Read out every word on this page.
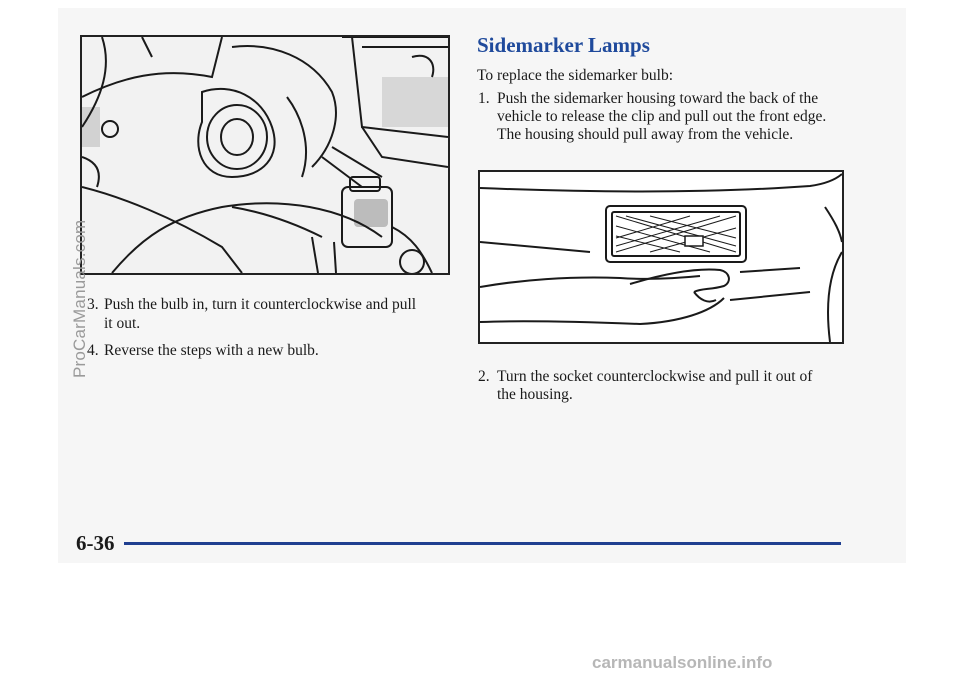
3. Push the bulb in, turn it counterclockwise and pull
it out.
4. Reverse the steps with a new bulb.
Sidemarker Lamps
To replace the sidemarker bulb:
1. Push the sidemarker housing toward the back of the
vehicle to release the clip and pull out the front edge.
The housing should pull away from the vehicle.
2. Turn the socket counterclockwise and pull it out of
the housing.
6-36
ProCarManuals.com
carmanualsonline.info
